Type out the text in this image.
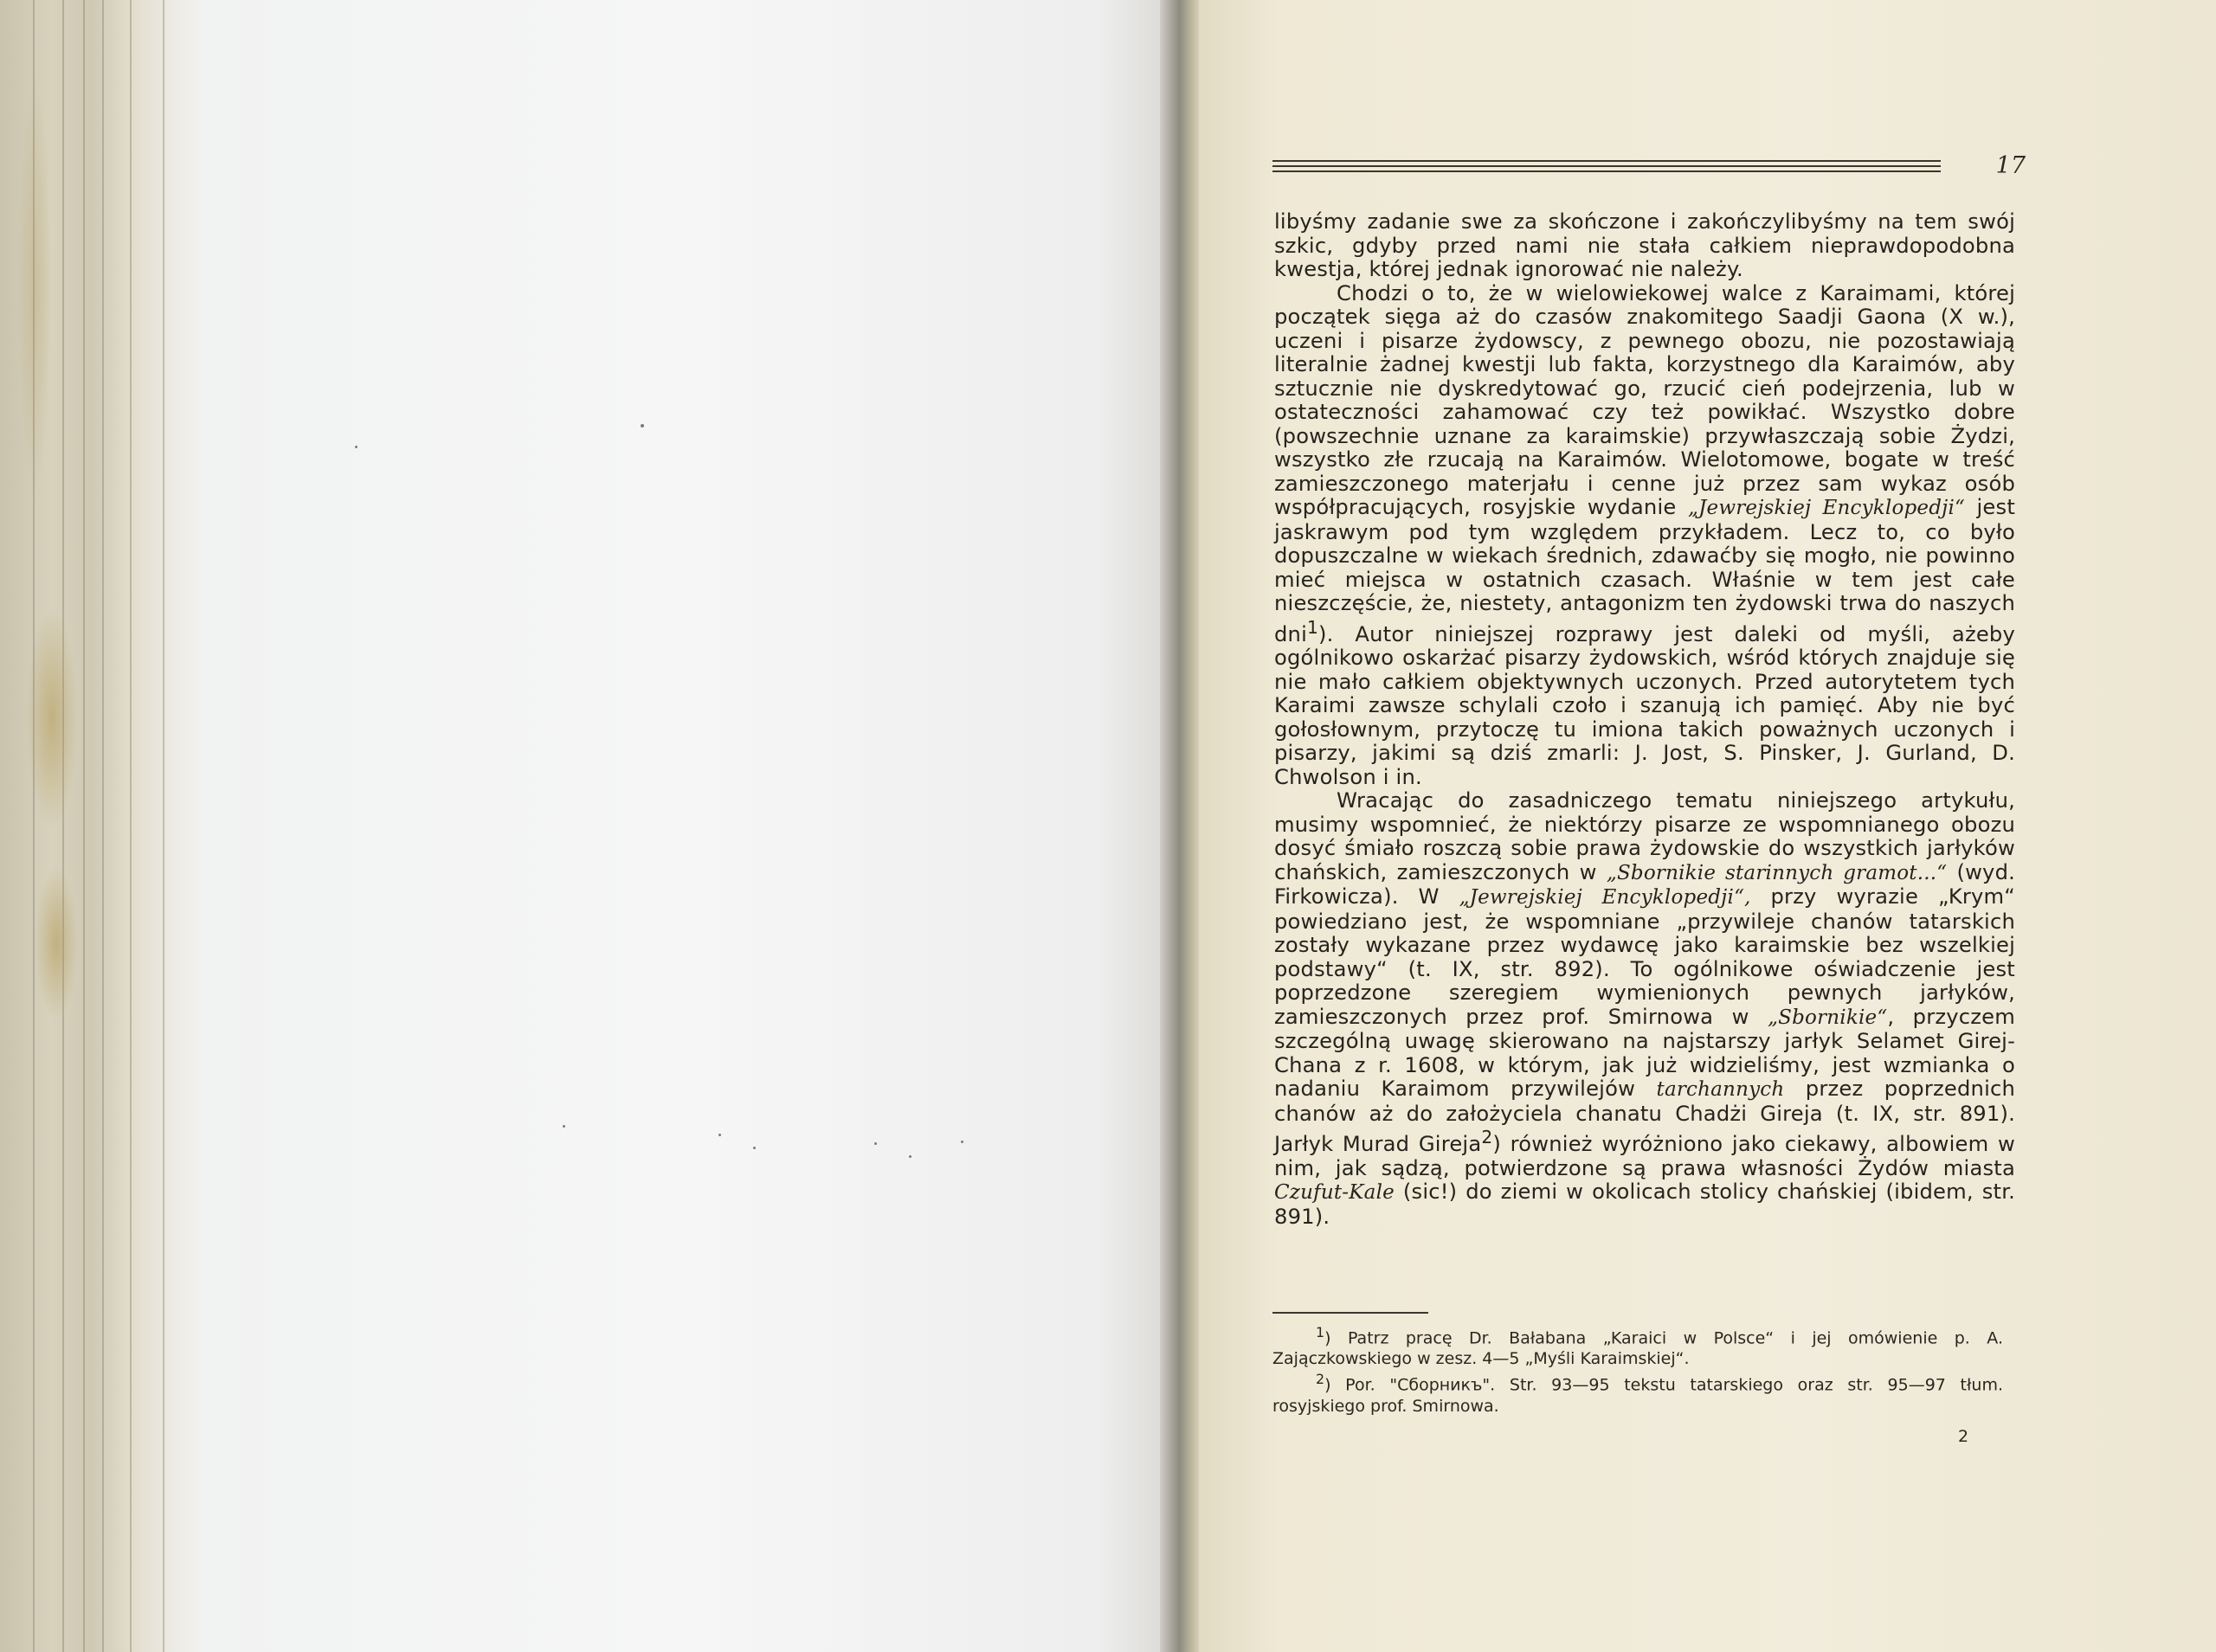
17

libyśmy zadanie swe za skończone i zakończylibyśmy na tem swój szkic, gdyby przed nami nie stała całkiem nieprawdopodobna kwestja, której jednak ignorować nie należy.

Chodzi o to, że w wielowiekowej walce z Karaimami, której początek sięga aż do czasów znakomitego Saadji Gaona (X w.), uczeni i pisarze żydowscy, z pewnego obozu, nie pozostawiają literalnie żadnej kwestji lub fakta, korzystnego dla Karaimów, aby sztucznie nie dyskredytować go, rzucić cień podejrzenia, lub w ostateczności zahamować czy też powikłać. Wszystko dobre (powszechnie uznane za karaimskie) przywłaszczają sobie Żydzi, wszystko złe rzucają na Karaimów. Wielotomowe, bogate w treść zamieszczonego materjału i cenne już przez sam wykaz osób współpracujących, rosyjskie wydanie „Jewrejskiej Encyklopedji“ jest jaskrawym pod tym względem przykładem. Lecz to, co było dopuszczalne w wiekach średnich, zdawaćby się mogło, nie powinno mieć miejsca w ostatnich czasach. Właśnie w tem jest całe nieszczęście, że, niestety, antagonizm ten żydowski trwa do naszych dni$^1$). Autor niniejszej rozprawy jest daleki od myśli, ażeby ogólnikowo oskarżać pisarzy żydowskich, wśród których znajduje się nie mało całkiem objektywnych uczonych. Przed autorytetem tych Karaimi zawsze schylali czoło i szanują ich pamięć. Aby nie być gołosłownym, przytoczę tu imiona takich poważnych uczonych i pisarzy, jakimi są dziś zmarli: J. Jost, S. Pinsker, J. Gurland, D. Chwolson i in.

Wracając do zasadniczego tematu niniejszego artykułu, musimy wspomnieć, że niektórzy pisarze ze wspomnianego obozu dosyć śmiało roszczą sobie prawa żydowskie do wszystkich jarłyków chańskich, zamieszczonych w „Sbornikie starinnych gramot...“ (wyd. Firkowicza). W „Jewrejskiej Encyklopedji“, przy wyrazie „Krym“ powiedziano jest, że wspomniane „przywileje chanów tatarskich zostały wykazane przez wydawcę jako karaimskie bez wszelkiej podstawy“ (t. IX, str. 892). To ogólnikowe oświadczenie jest poprzedzone szeregiem wymienionych pewnych jarłyków, zamieszczonych przez prof. Smirnowa w „Sbornikie“, przyczem szczególną uwagę skierowano na najstarszy jarłyk Selamet Girej-Chana z r. 1608, w którym, jak już widzieliśmy, jest wzmianka o nadaniu Karaimom przywilejów tarchannych przez poprzednich chanów aż do założyciela chanatu Chadżi Gireja (t. IX, str. 891). Jarłyk Murad Gireja$^2$) również wyróżniono jako ciekawy, albowiem w nim, jak sądzą, potwierdzone są prawa własności Żydów miasta Czufut-Kale (sic!) do ziemi w okolicach stolicy chańskiej (ibidem, str. 891).

$^1$) Patrz pracę Dr. Bałabana „Karaici w Polsce“ i jej omówienie p. A. Zajączkowskiego w zesz. 4—5 „Myśli Karaimskiej“.

$^2$) Por. "Сборникъ". Str. 93—95 tekstu tatarskiego oraz str. 95—97 tłum. rosyjskiego prof. Smirnowa.

2
